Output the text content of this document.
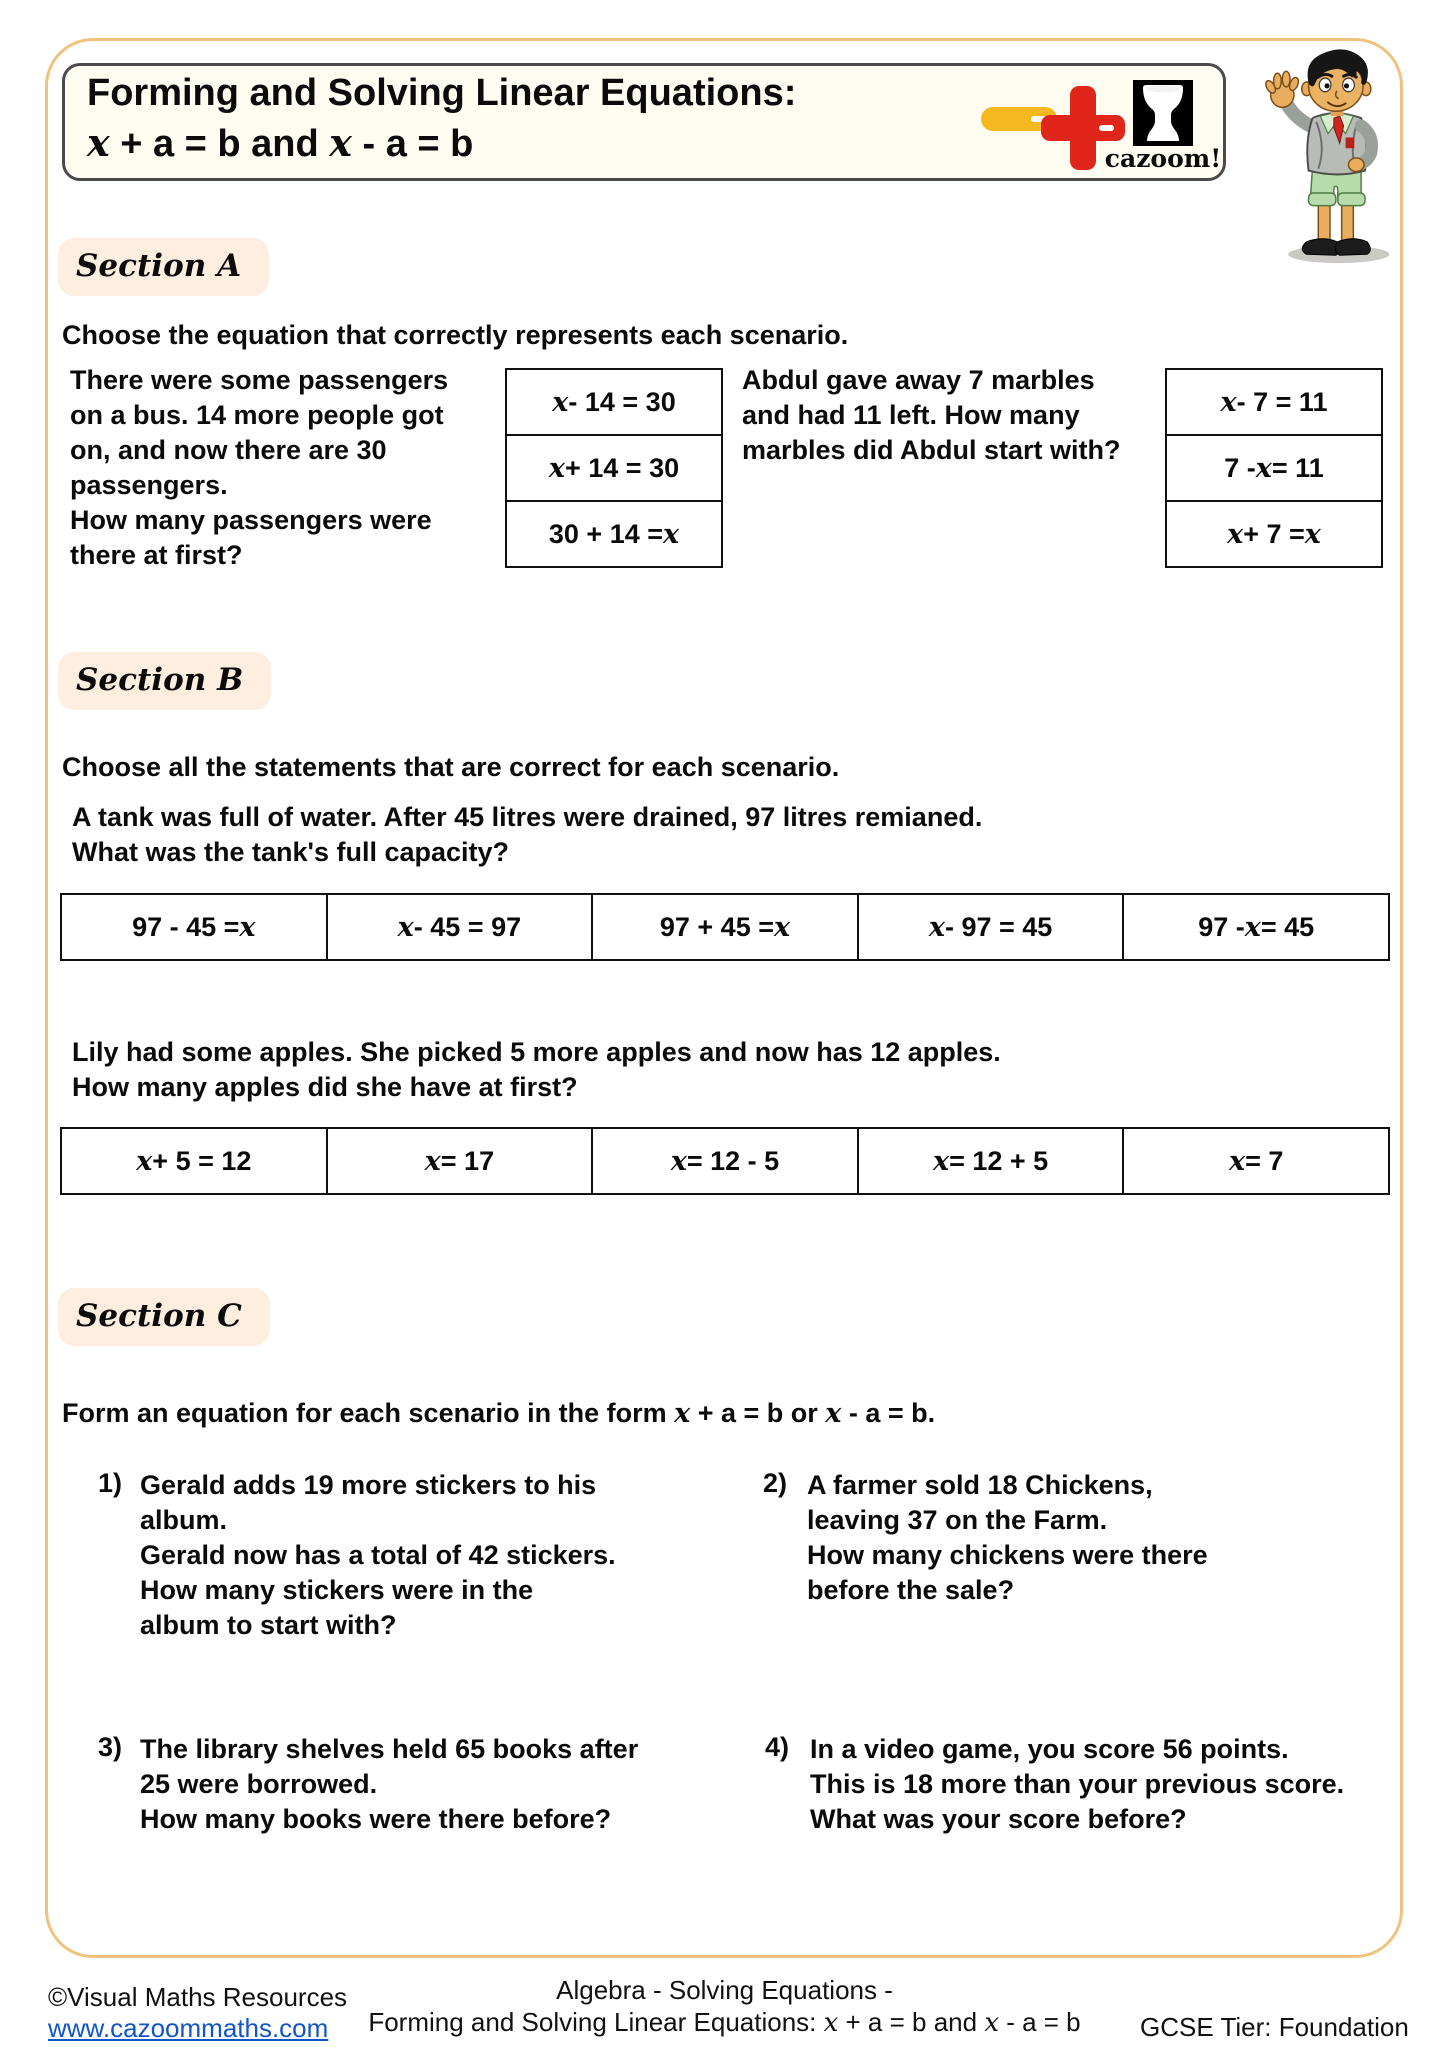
Forming and Solving Linear Equations:
x + a = b and x - a = b	cazoom!
Section A
Choose the equation that correctly represents each scenario.
There were some passengers
on a bus. 14 more people got
on, and now there are 30
passengers.
How many passengers were
there at first?
x - 14 = 30
x + 14 = 30
30 + 14 = x
Abdul gave away 7 marbles
and had 11 left. How many
marbles did Abdul start with?
x - 7 = 11
7 - x = 11
x + 7 = x
Section B
Choose all the statements that are correct for each scenario.
A tank was full of water. After 45 litres were drained, 97 litres remianed.
What was the tank's full capacity?
97 - 45 = x	x - 45 = 97	97 + 45 = x	x - 97 = 45	97 - x = 45
Lily had some apples. She picked 5 more apples and now has 12 apples.
How many apples did she have at first?
x + 5 = 12	x = 17	x = 12 - 5	x = 12 + 5	x = 7
Section C
Form an equation for each scenario in the form x + a = b or x - a = b.
1) Gerald adds 19 more stickers to his album.
Gerald now has a total of 42 stickers.
How many stickers were in the
album to start with?
2) A farmer sold 18 Chickens,
leaving 37 on the Farm.
How many chickens were there
before the sale?
3) The library shelves held 65 books after
25 were borrowed.
How many books were there before?
4) In a video game, you score 56 points.
This is 18 more than your previous score.
What was your score before?
©Visual Maths Resources
www.cazoommaths.com
Algebra - Solving Equations -
Forming and Solving Linear Equations: x + a = b and x - a = b	GCSE Tier: Foundation
